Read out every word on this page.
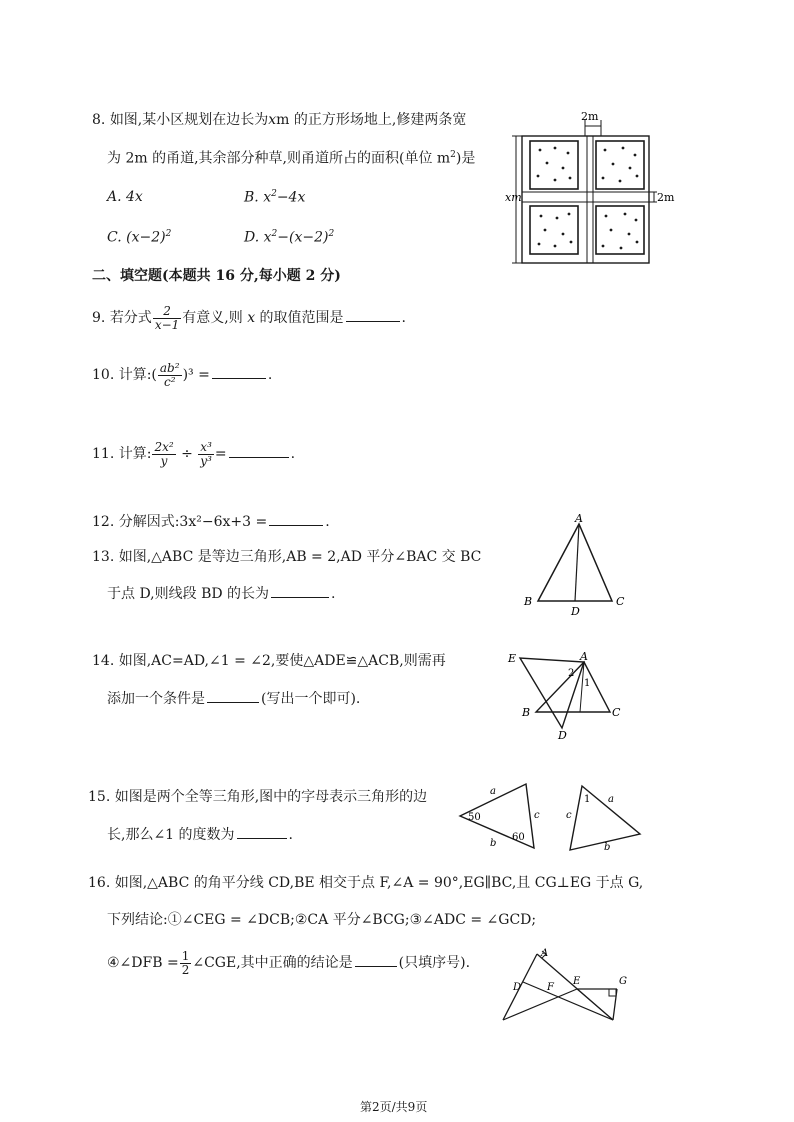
8. 如图,某小区规划在边长为xm 的正方形场地上,修建两条宽
为 2m 的甬道,其余部分种草,则甬道所占的面积(单位 $m^2$)是
A. 4x	B. $x^2-4x$
C. $(x-2)^2$	D. $x^2-(x-2)^2$
2m
xm	2m
二、填空题(本题共 16 分,每小题 2 分)
9. 若分式 $\frac{2}{x-1}$ 有意义,则 x 的取值范围是	.
10. 计算:( $\frac{\text{ab²}}{\text{c²}} )^3$ =	.
11. 计算: $\frac{\text{2x²}}{y} \div \frac{\text{x³}}{\text{y³}}$ =	.
12. 分解因式:3x²−6x+3 =	.
13. 如图,△ABC 是等边三角形,AB = 2,AD 平分∠BAC 交 BC
于点 D,则线段 BD 的长为	.
A
B	C
D
14. 如图,AC=AD,∠1 = ∠2,要使△ADE≌△ACB,则需再
添加一个条件是	(写出一个即可).
E	A
2
1
B	C
D
15. 如图是两个全等三角形,图中的字母表示三角形的边
长,那么∠1 的度数为	.
a
c
b
50
60
1 a
c
b
16. 如图,△ABC 的角平分线 CD,BE 相交于点 F,∠A = 90°,EG∥BC,且 CG⊥EG 于点 G,
下列结论:①∠CEG = ∠DCB;②CA 平分∠BCG;③∠ADC = ∠GCD;
④∠DFB = $\frac{1}{2}$ ∠CGE,其中正确的结论是	(只填序号).
A
D	F
E	G
第2页/共9页
